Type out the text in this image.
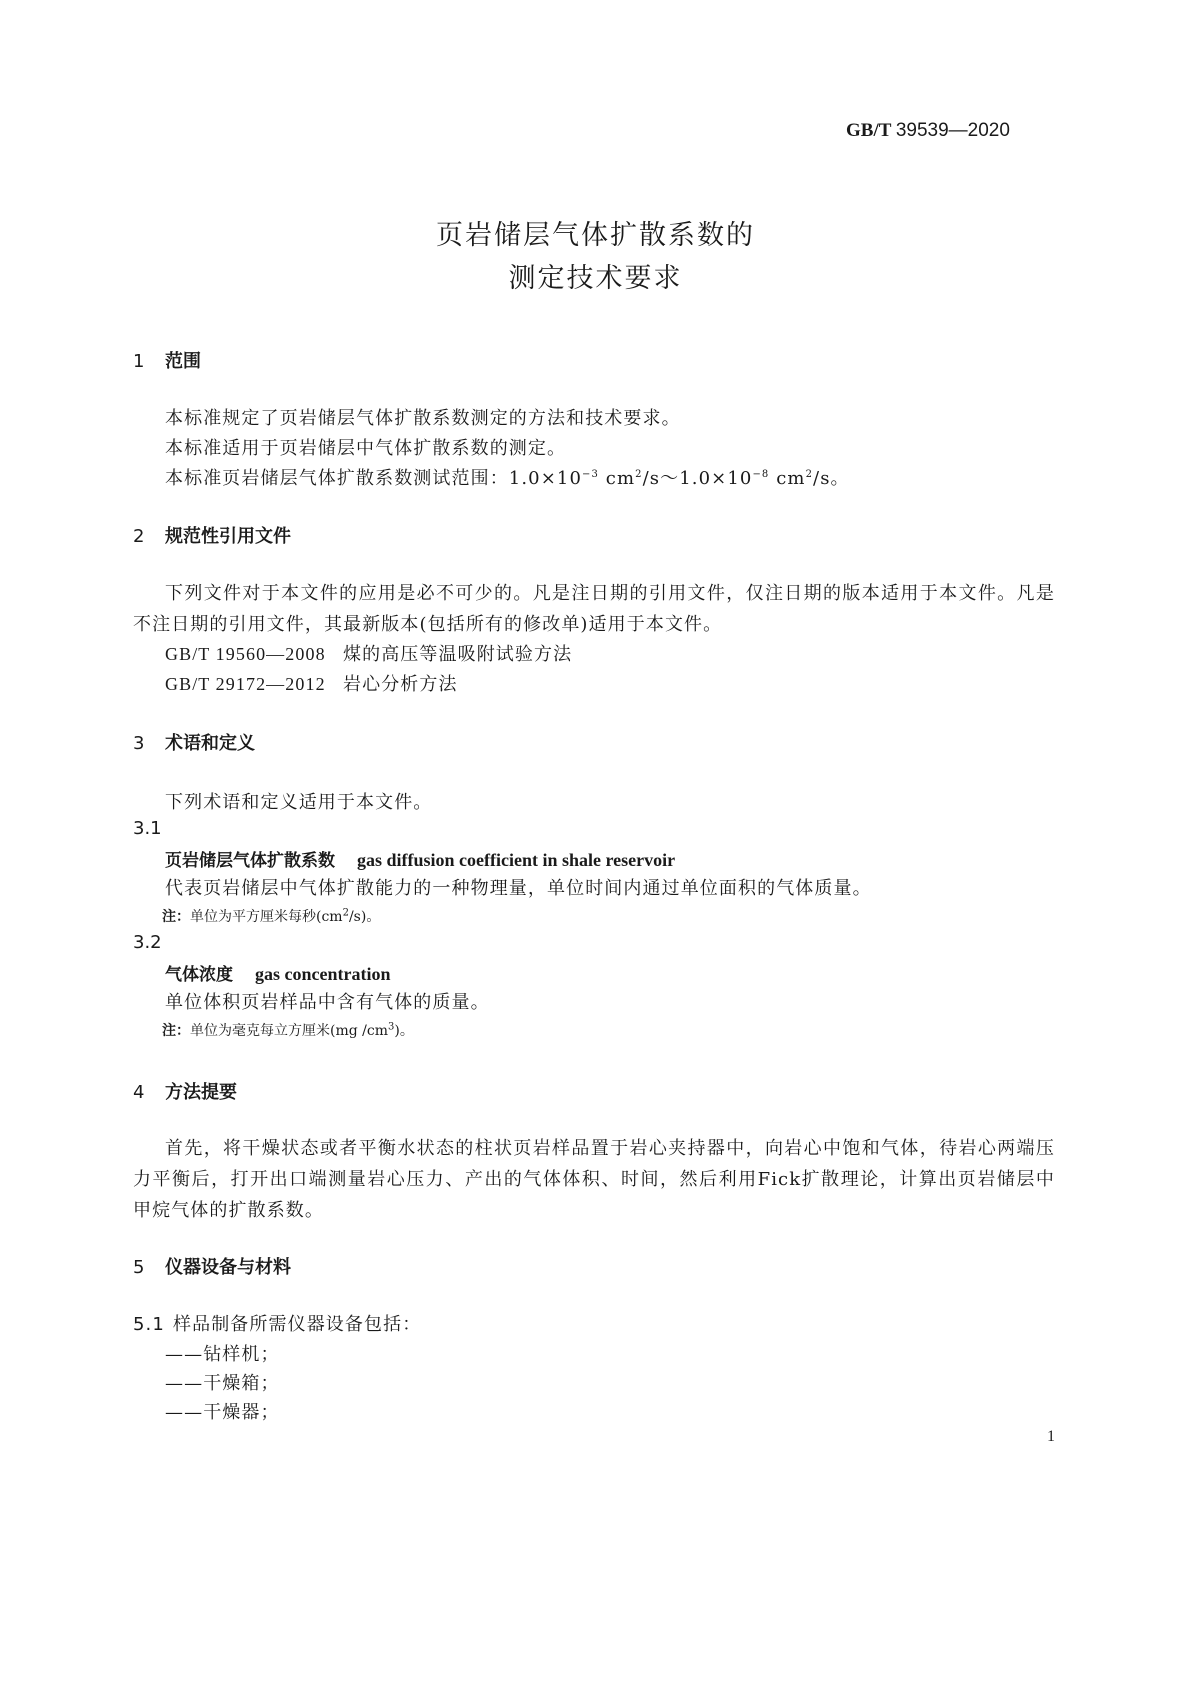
GB/T 39539—2020
页岩储层气体扩散系数的
测定技术要求
1 范围
本标准规定了页岩储层气体扩散系数测定的方法和技术要求。
本标准适用于页岩储层中气体扩散系数的测定。
本标准页岩储层气体扩散系数测试范围：$1.0\times 10^{-3}$ $cm^2/s\sim 1.0\times 10^{-8}$ $cm^2/s$。
2 规范性引用文件
下列文件对于本文件的应用是必不可少的。凡是注日期的引用文件，仅注日期的版本适用于本文件。凡是不注日期的引用文件，其最新版本(包括所有的修改单)适用于本文件。
GB/T 19560—2008 煤的高压等温吸附试验方法
GB/T 29172—2012 岩心分析方法
3 术语和定义
下列术语和定义适用于本文件。
3.1
页岩储层气体扩散系数 gas diffusion coefficient in shale reservoir
代表页岩储层中气体扩散能力的一种物理量，单位时间内通过单位面积的气体质量。
注：单位为平方厘米每秒$(cm^2/s)$。
3.2
气体浓度 gas concentration
单位体积页岩样品中含有气体的质量。
注：单位为毫克每立方厘米(mg $/cm^3$)。
4 方法提要
首先，将干燥状态或者平衡水状态的柱状页岩样品置于岩心夹持器中，向岩心中饱和气体，待岩心两端压力平衡后，打开出口端测量岩心压力、产出的气体体积、时间，然后利用Fick扩散理论，计算出页岩储层中甲烷气体的扩散系数。
5 仪器设备与材料
5.1 样品制备所需仪器设备包括：
——钻样机；
——干燥箱；
——干燥器；
1
